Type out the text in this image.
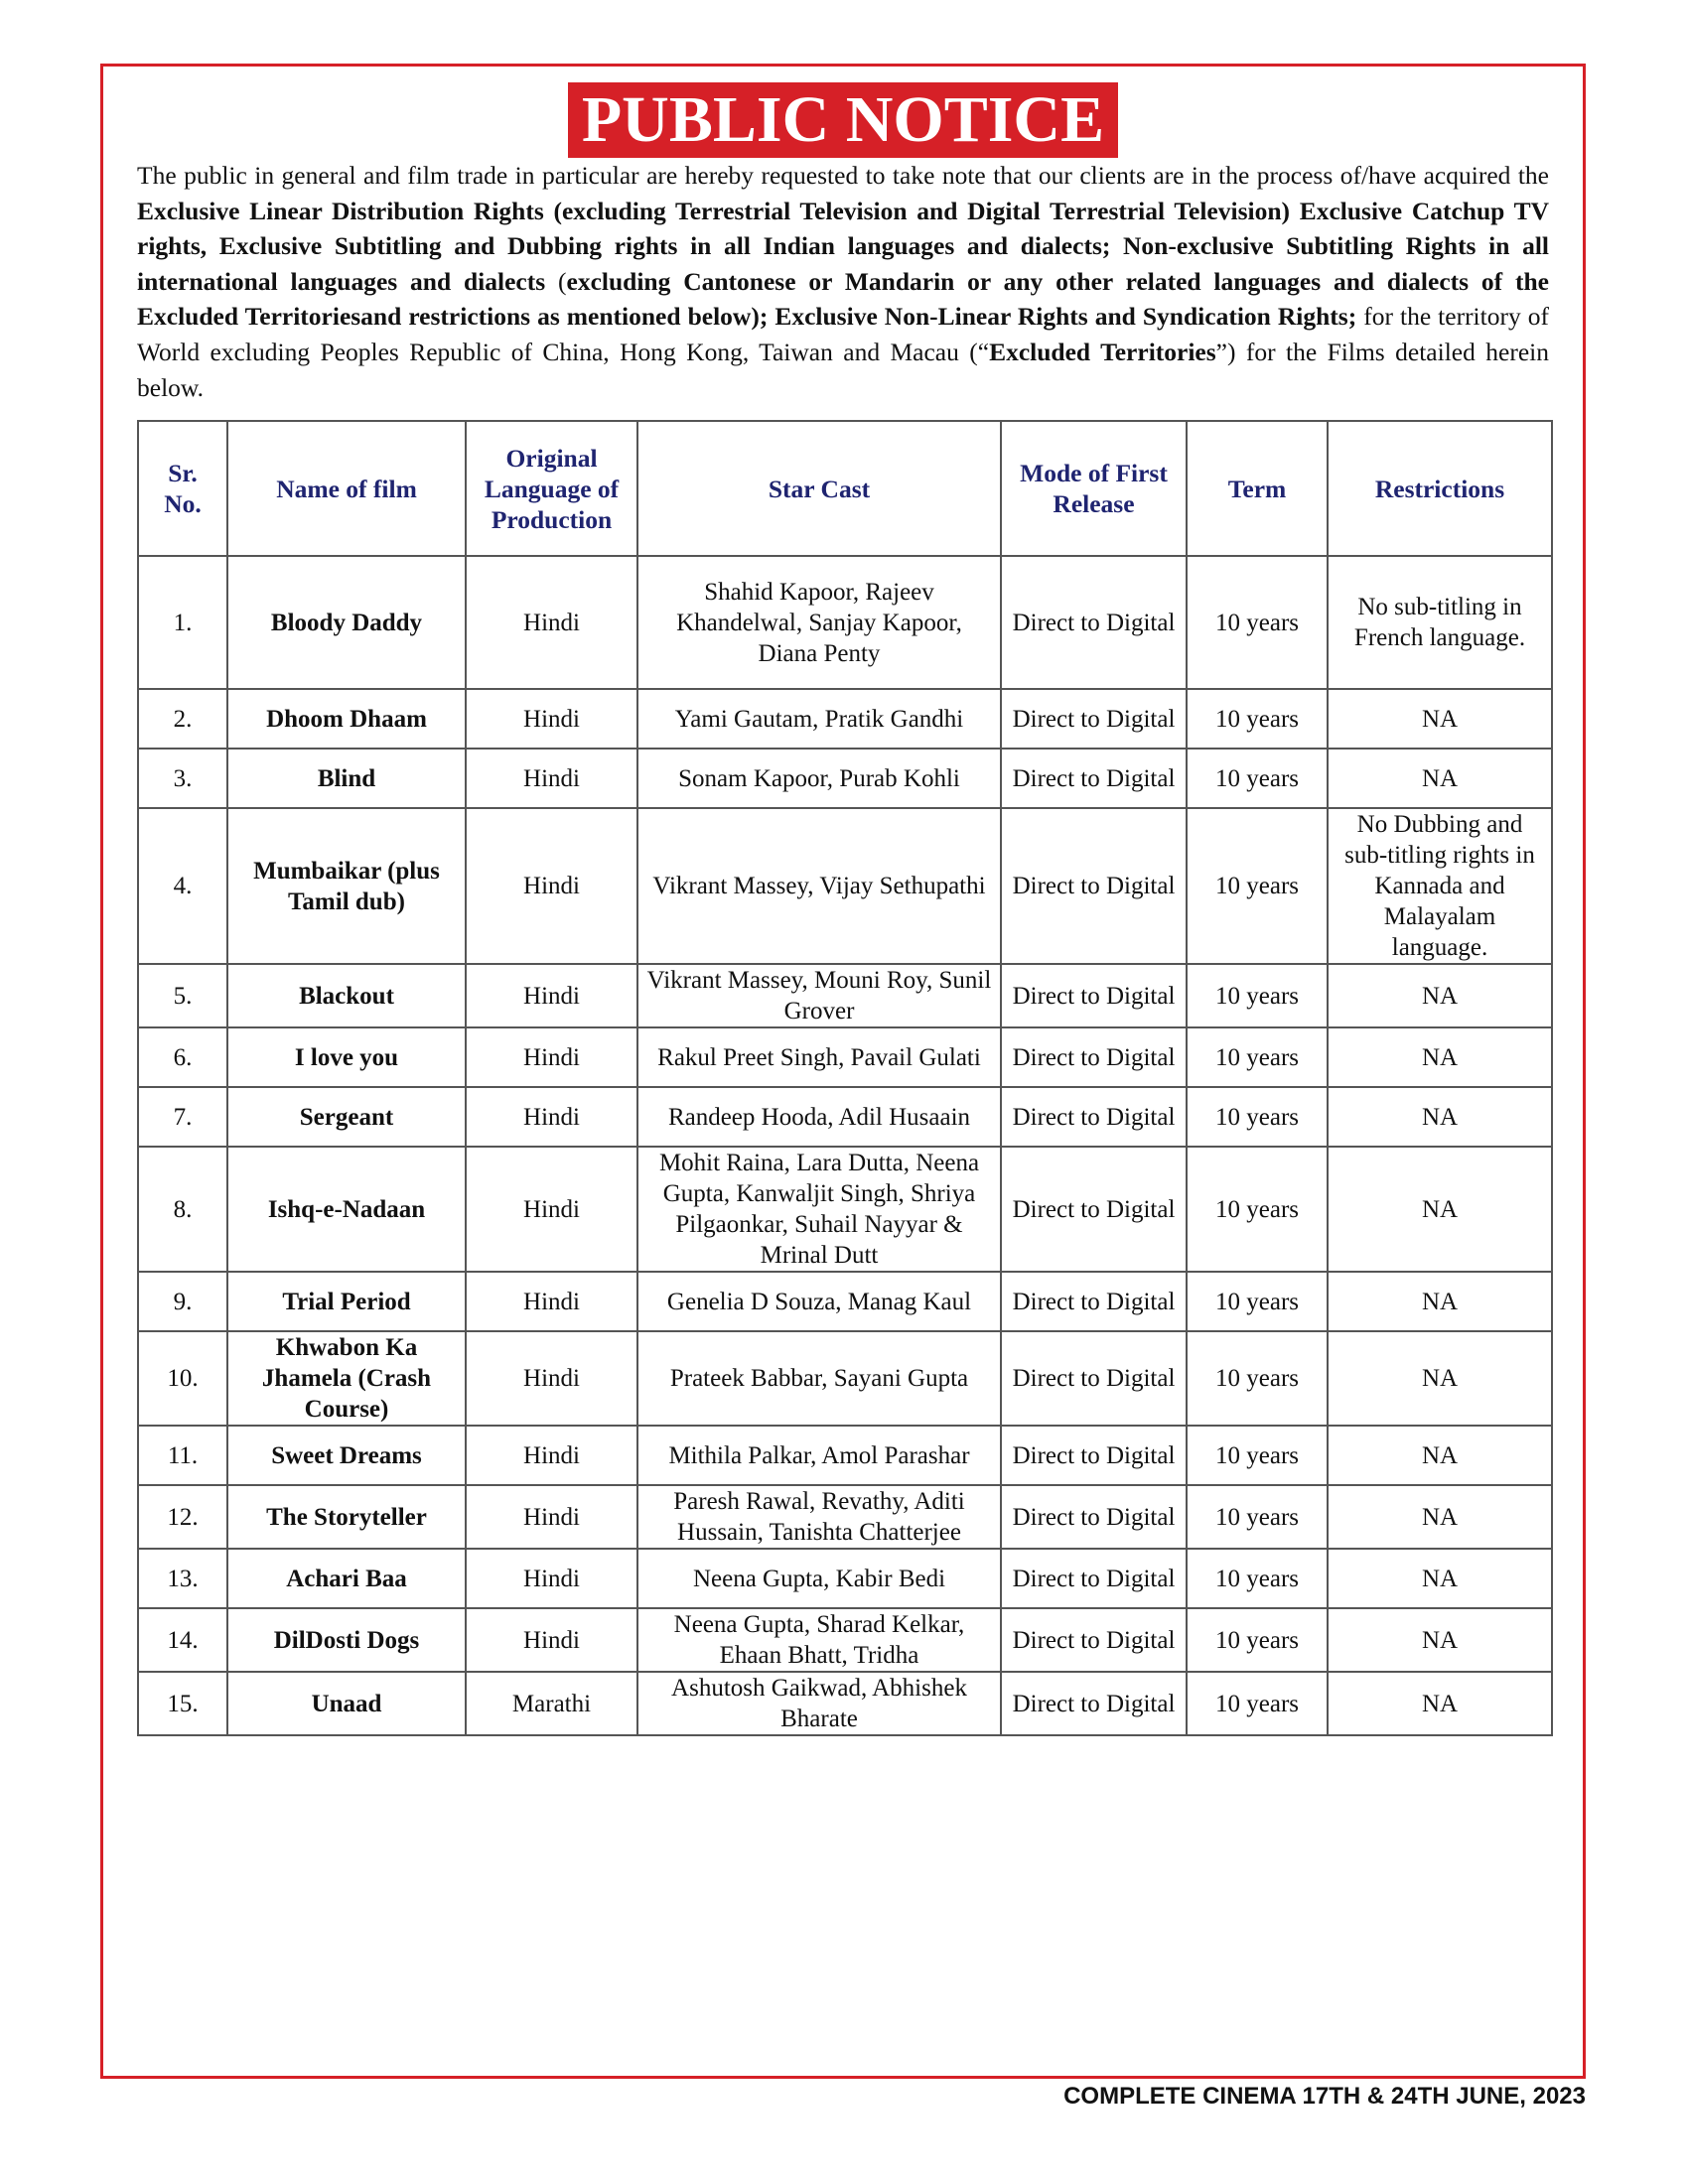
PUBLIC NOTICE

The public in general and film trade in particular are hereby requested to take note that our clients are in the process of/have acquired the Exclusive Linear Distribution Rights (excluding Terrestrial Television and Digital Terrestrial Television) Exclusive Catchup TV rights, Exclusive Subtitling and Dubbing rights in all Indian languages and dialects; Non-exclusive Subtitling Rights in all international languages and dialects (excluding Cantonese or Mandarin or any other related languages and dialects of the Excluded Territoriesand restrictions as mentioned below); Exclusive Non-Linear Rights and Syndication Rights; for the territory of World excluding Peoples Republic of China, Hong Kong, Taiwan and Macau (“Excluded Territories”) for the Films detailed herein below.

Sr. No.	Name of film	Original Language of Production	Star Cast	Mode of First Release	Term	Restrictions
1.	Bloody Daddy	Hindi	Shahid Kapoor, Rajeev Khandelwal, Sanjay Kapoor, Diana Penty	Direct to Digital	10 years	No sub-titling in French language.
2.	Dhoom Dhaam	Hindi	Yami Gautam, Pratik Gandhi	Direct to Digital	10 years	NA
3.	Blind	Hindi	Sonam Kapoor, Purab Kohli	Direct to Digital	10 years	NA
4.	Mumbaikar (plus Tamil dub)	Hindi	Vikrant Massey, Vijay Sethupathi	Direct to Digital	10 years	No Dubbing and sub-titling rights in Kannada and Malayalam language.
5.	Blackout	Hindi	Vikrant Massey, Mouni Roy, Sunil Grover	Direct to Digital	10 years	NA
6.	I love you	Hindi	Rakul Preet Singh, Pavail Gulati	Direct to Digital	10 years	NA
7.	Sergeant	Hindi	Randeep Hooda, Adil Husaain	Direct to Digital	10 years	NA
8.	Ishq-e-Nadaan	Hindi	Mohit Raina, Lara Dutta, Neena Gupta, Kanwaljit Singh, Shriya Pilgaonkar, Suhail Nayyar & Mrinal Dutt	Direct to Digital	10 years	NA
9.	Trial Period	Hindi	Genelia D Souza, Manag Kaul	Direct to Digital	10 years	NA
10.	Khwabon Ka Jhamela (Crash Course)	Hindi	Prateek Babbar, Sayani Gupta	Direct to Digital	10 years	NA
11.	Sweet Dreams	Hindi	Mithila Palkar, Amol Parashar	Direct to Digital	10 years	NA
12.	The Storyteller	Hindi	Paresh Rawal, Revathy, Aditi Hussain, Tanishta Chatterjee	Direct to Digital	10 years	NA
13.	Achari Baa	Hindi	Neena Gupta, Kabir Bedi	Direct to Digital	10 years	NA
14.	DilDosti Dogs	Hindi	Neena Gupta, Sharad Kelkar, Ehaan Bhatt, Tridha	Direct to Digital	10 years	NA
15.	Unaad	Marathi	Ashutosh Gaikwad, Abhishek Bharate	Direct to Digital	10 years	NA
COMPLETE CINEMA 17TH & 24TH JUNE, 2023
